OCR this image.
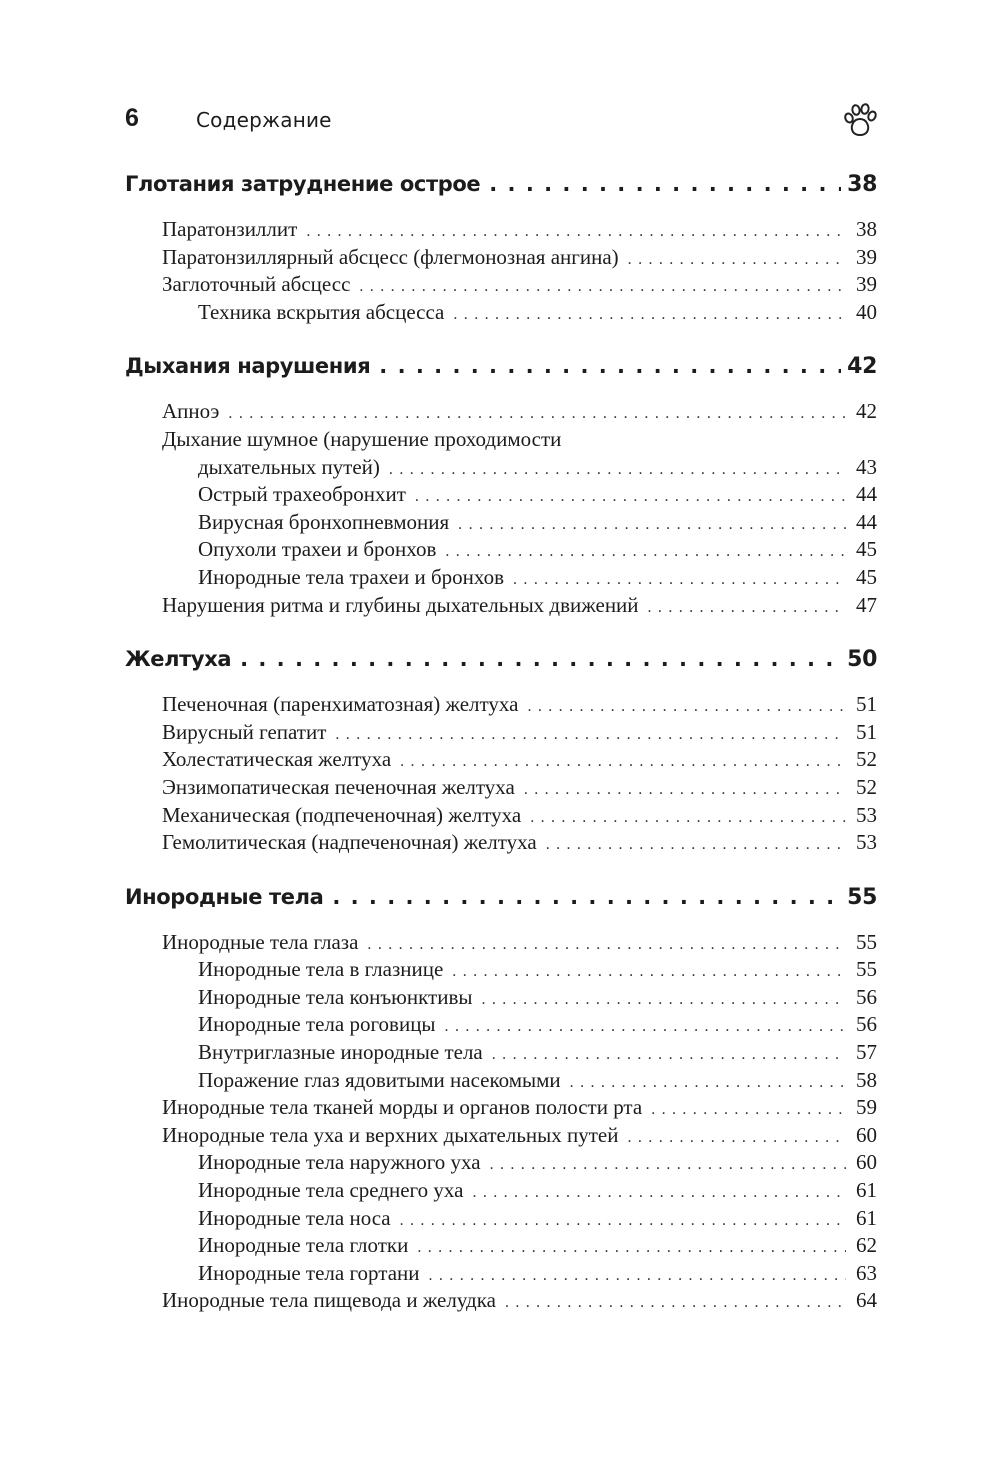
6	Содержание
Глотания затруднение острое . . .	38
Паратонзиллит . . .	38
Паратонзиллярный абсцесс (флегмонозная ангина) . . .	39
Заглоточный абсцесс . . .	39
Техника вскрытия абсцесса . . .	40
Дыхания нарушения . . .	42
Апноэ . . .	42
Дыхание шумное (нарушение проходимости
дыхательных путей) . . .	43
Острый трахеобронхит . . .	44
Вирусная бронхопневмония . . .	44
Опухоли трахеи и бронхов . . .	45
Инородные тела трахеи и бронхов . . .	45
Нарушения ритма и глубины дыхательных движений . . .	47
Желтуха . . .	50
Печеночная (паренхиматозная) желтуха . . .	51
Вирусный гепатит . . .	51
Холестатическая желтуха . . .	52
Энзимопатическая печеночная желтуха . . .	52
Механическая (подпеченочная) желтуха . . .	53
Гемолитическая (надпеченочная) желтуха . . .	53
Инородные тела . . .	55
Инородные тела глаза . . .	55
Инородные тела в глазнице . . .	55
Инородные тела конъюнктивы . . .	56
Инородные тела роговицы . . .	56
Внутриглазные инородные тела . . .	57
Поражение глаз ядовитыми насекомыми . . .	58
Инородные тела тканей морды и органов полости рта . . .	59
Инородные тела уха и верхних дыхательных путей . . .	60
Инородные тела наружного уха . . .	60
Инородные тела среднего уха . . .	61
Инородные тела носа . . .	61
Инородные тела глотки . . .	62
Инородные тела гортани . . .	63
Инородные тела пищевода и желудка . . .	64
